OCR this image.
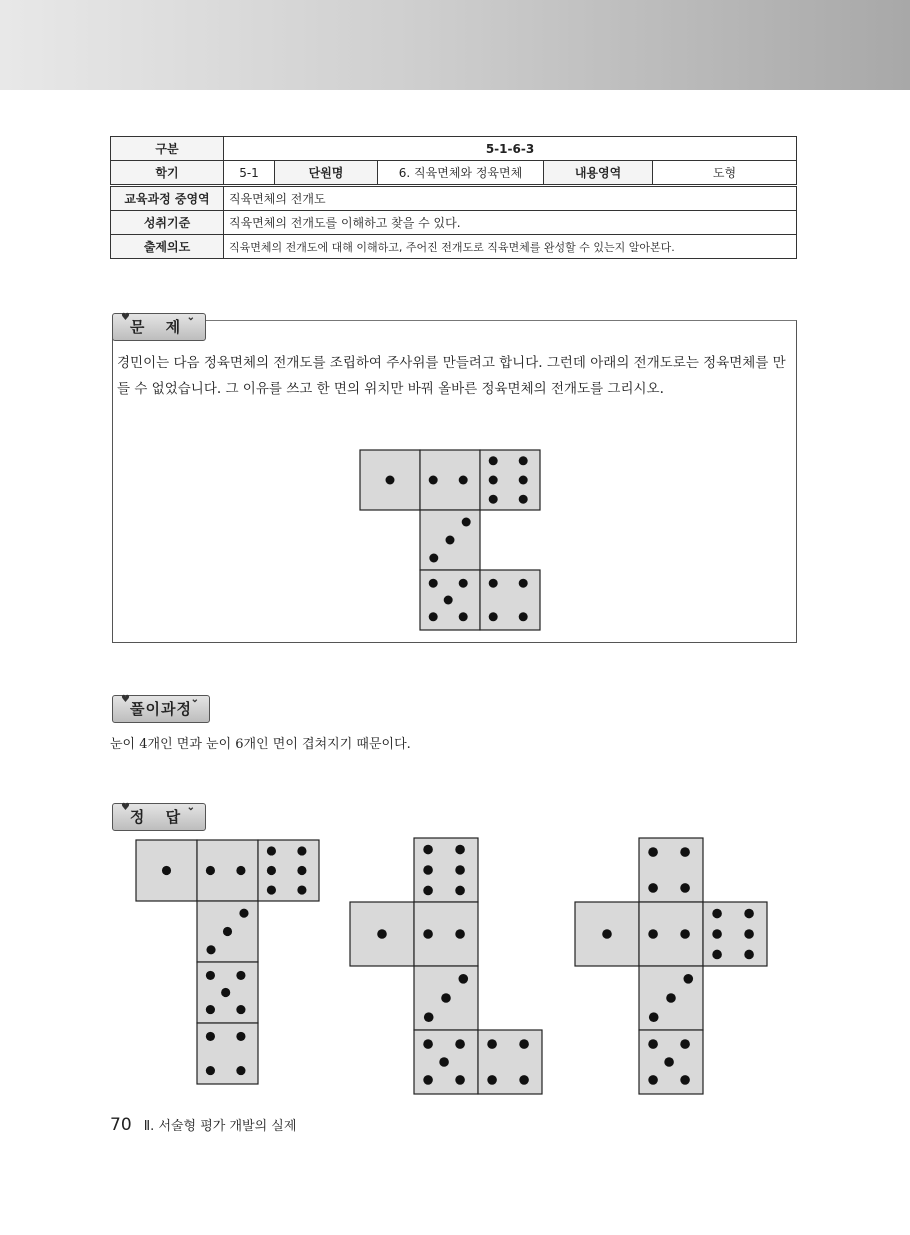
구분	5-1-6-3				
학기	5-1	단원명	6. 직육면체와 정육면체	내용영역	도형
교육과정 중영역	직육면체의 전개도
성취기준	직육면체의 전개도를 이해하고 찾을 수 있다.
출제의도	직육면체의 전개도에 대해 이해하고, 주어진 전개도로 직육면체를 완성할 수 있는지 알아본다.
♥	⌄
문 제

경민이는 다음 정육면체의 전개도를 조립하여 주사위를 만들려고 합니다. 그런데 아래의 전개도로는 정육면체를 만들 수 없었습니다. 그 이유를 쓰고 한 면의 위치만 바꿔 올바른 정육면체의 전개도를 그리시오.

♥	⌄
풀이과정

눈이 4개인 면과 눈이 6개인 면이 겹쳐지기 때문이다.

♥	⌄
정 답
70 Ⅱ. 서술형 평가 개발의 실제
